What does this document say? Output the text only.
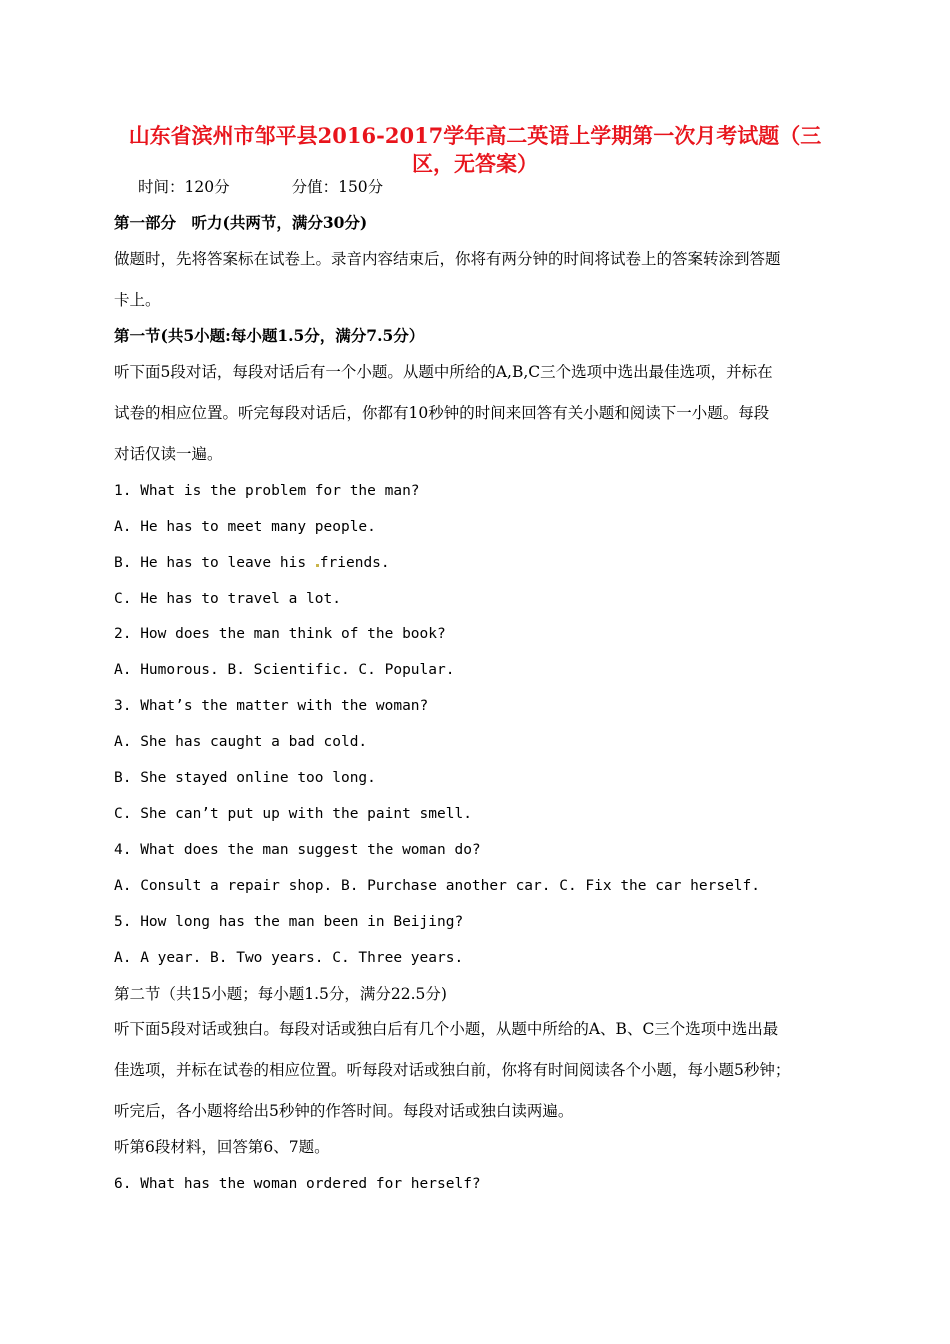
山东省滨州市邹平县2016-2017学年高二英语上学期第一次月考试题（三
区，无答案）
时间：120分　　　　分值：150分
第一部分　听力(共两节，满分30分)
做题时，先将答案标在试卷上。录音内容结束后，你将有两分钟的时间将试卷上的答案转涂到答题
卡上。
第一节(共5小题:每小题1.5分，满分7.5分）
听下面5段对话，每段对话后有一个小题。从题中所给的A,B,C三个选项中选出最佳选项，并标在
试卷的相应位置。听完每段对话后，你都有10秒钟的时间来回答有关小题和阅读下一小题。每段
对话仅读一遍。
1. What is the problem for the man?
A. He has to meet many people.
B. He has to leave his friends.
C. He has to travel a lot.
2. How does the man think of the book?
A. Humorous. B. Scientific. C. Popular.
3. What’s the matter with the woman?
A. She has caught a bad cold.
B. She stayed online too long.
C. She can’t put up with the paint smell.
4. What does the man suggest the woman do?
A. Consult a repair shop. B. Purchase another car. C. Fix the car herself.
5. How long has the man been in Beijing?
A. A year. B. Two years. C. Three years.
第二节（共15小题；每小题1.5分，满分22.5分)
听下面5段对话或独白。每段对话或独白后有几个小题，从题中所给的A、B、C三个选项中选出最
佳选项，并标在试卷的相应位置。听每段对话或独白前，你将有时间阅读各个小题，每小题5秒钟；
听完后，各小题将给出5秒钟的作答时间。每段对话或独白读两遍。
听第6段材料，回答第6、7题。
6. What has the woman ordered for herself?
